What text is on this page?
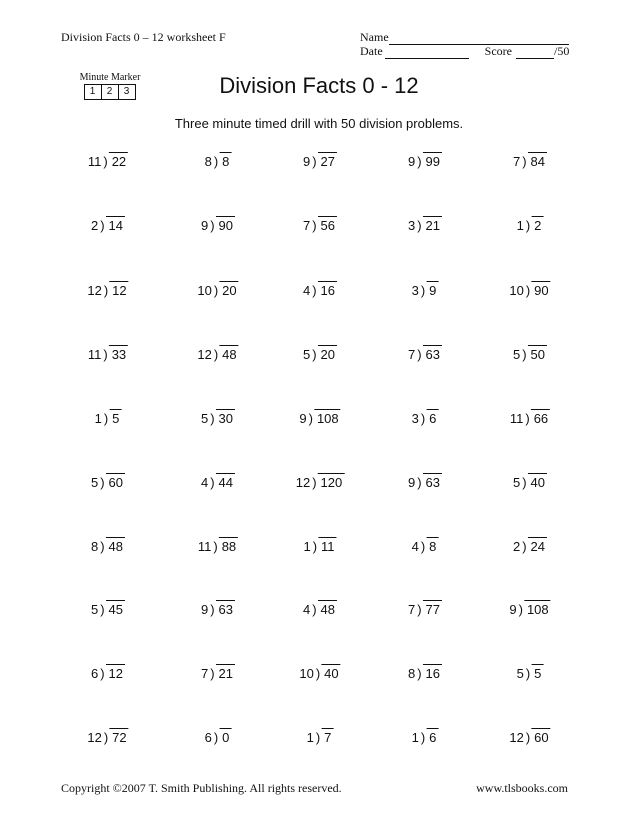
Division Facts 0 – 12 worksheet F	Name
Date	Score	/50
Minute Marker
1	2	3	Division Facts 0 - 12
Three minute timed drill with 50 division problems.
11 ) 22	8 ) 8	9 ) 27	9 ) 99	7 ) 84
2 ) 14	9 ) 90	7 ) 56	3 ) 21	1 ) 2
12 ) 12	10 ) 20	4 ) 16	3 ) 9	10 ) 90
11 ) 33	12 ) 48	5 ) 20	7 ) 63	5 ) 50
1 ) 5	5 ) 30	9 ) 108	3 ) 6	11 ) 66
5 ) 60	4 ) 44	12 ) 120	9 ) 63	5 ) 40
8 ) 48	11 ) 88	1 ) 11	4 ) 8	2 ) 24
5 ) 45	9 ) 63	4 ) 48	7 ) 77	9 ) 108
6 ) 12	7 ) 21	10 ) 40	8 ) 16	5 ) 5
12 ) 72	6 ) 0	1 ) 7	1 ) 6	12 ) 60
Copyright ©2007 T. Smith Publishing. All rights reserved.	www.tlsbooks.com
